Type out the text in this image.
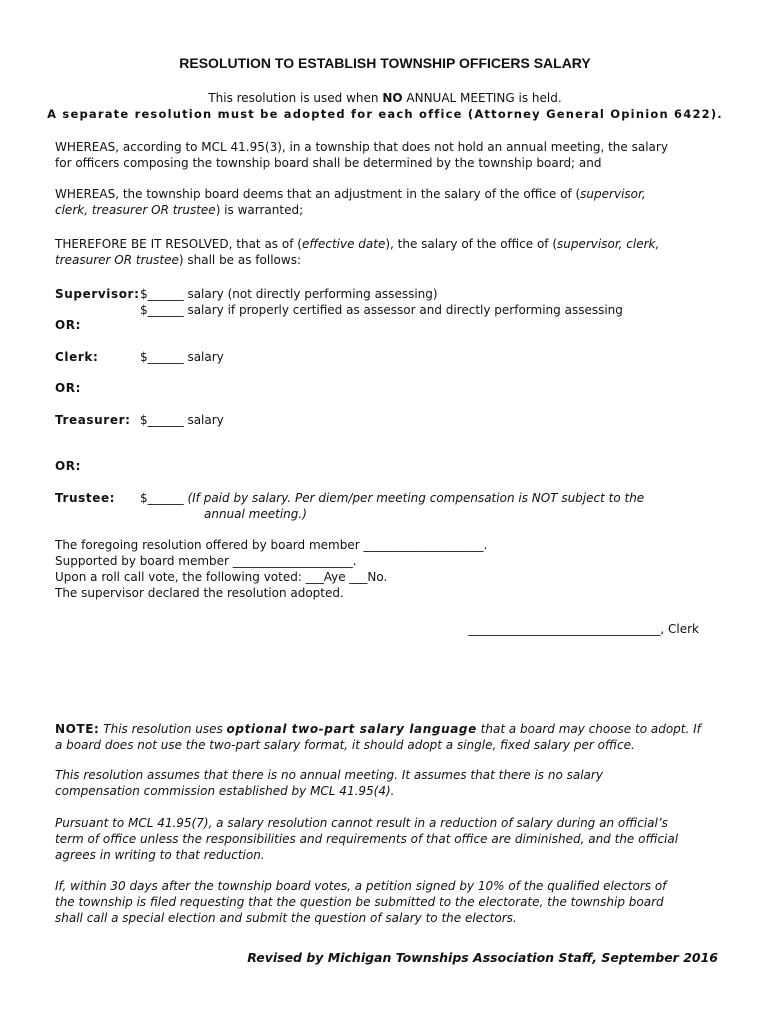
RESOLUTION TO ESTABLISH TOWNSHIP OFFICERS SALARY
This resolution is used when NO ANNUAL MEETING is held.
A separate resolution must be adopted for each office (Attorney General Opinion 6422).
WHEREAS, according to MCL 41.95(3), in a township that does not hold an annual meeting, the salary
for officers composing the township board shall be determined by the township board; and
WHEREAS, the township board deems that an adjustment in the salary of the office of (supervisor,
clerk, treasurer OR trustee) is warranted;
THEREFORE BE IT RESOLVED, that as of (effective date), the salary of the office of (supervisor, clerk,
treasurer OR trustee) shall be as follows:
Supervisor: $______ salary (not directly performing assessing)
$______ salary if properly certified as assessor and directly performing assessing
OR:
Clerk:	$______ salary
OR:
Treasurer: $______ salary
OR:
Trustee: $______ (If paid by salary. Per diem/per meeting compensation is NOT subject to the
annual meeting.)
The foregoing resolution offered by board member ____________________.
Supported by board member ____________________.
Upon a roll call vote, the following voted: ___Aye ___No.
The supervisor declared the resolution adopted.
________________________________, Clerk
NOTE: This resolution uses optional two-part salary language that a board may choose to adopt. If
a board does not use the two-part salary format, it should adopt a single, fixed salary per office.
This resolution assumes that there is no annual meeting. It assumes that there is no salary
compensation commission established by MCL 41.95(4).
Pursuant to MCL 41.95(7), a salary resolution cannot result in a reduction of salary during an official’s
term of office unless the responsibilities and requirements of that office are diminished, and the official
agrees in writing to that reduction.
If, within 30 days after the township board votes, a petition signed by 10% of the qualified electors of
the township is filed requesting that the question be submitted to the electorate, the township board
shall call a special election and submit the question of salary to the electors.
Revised by Michigan Townships Association Staff, September 2016
